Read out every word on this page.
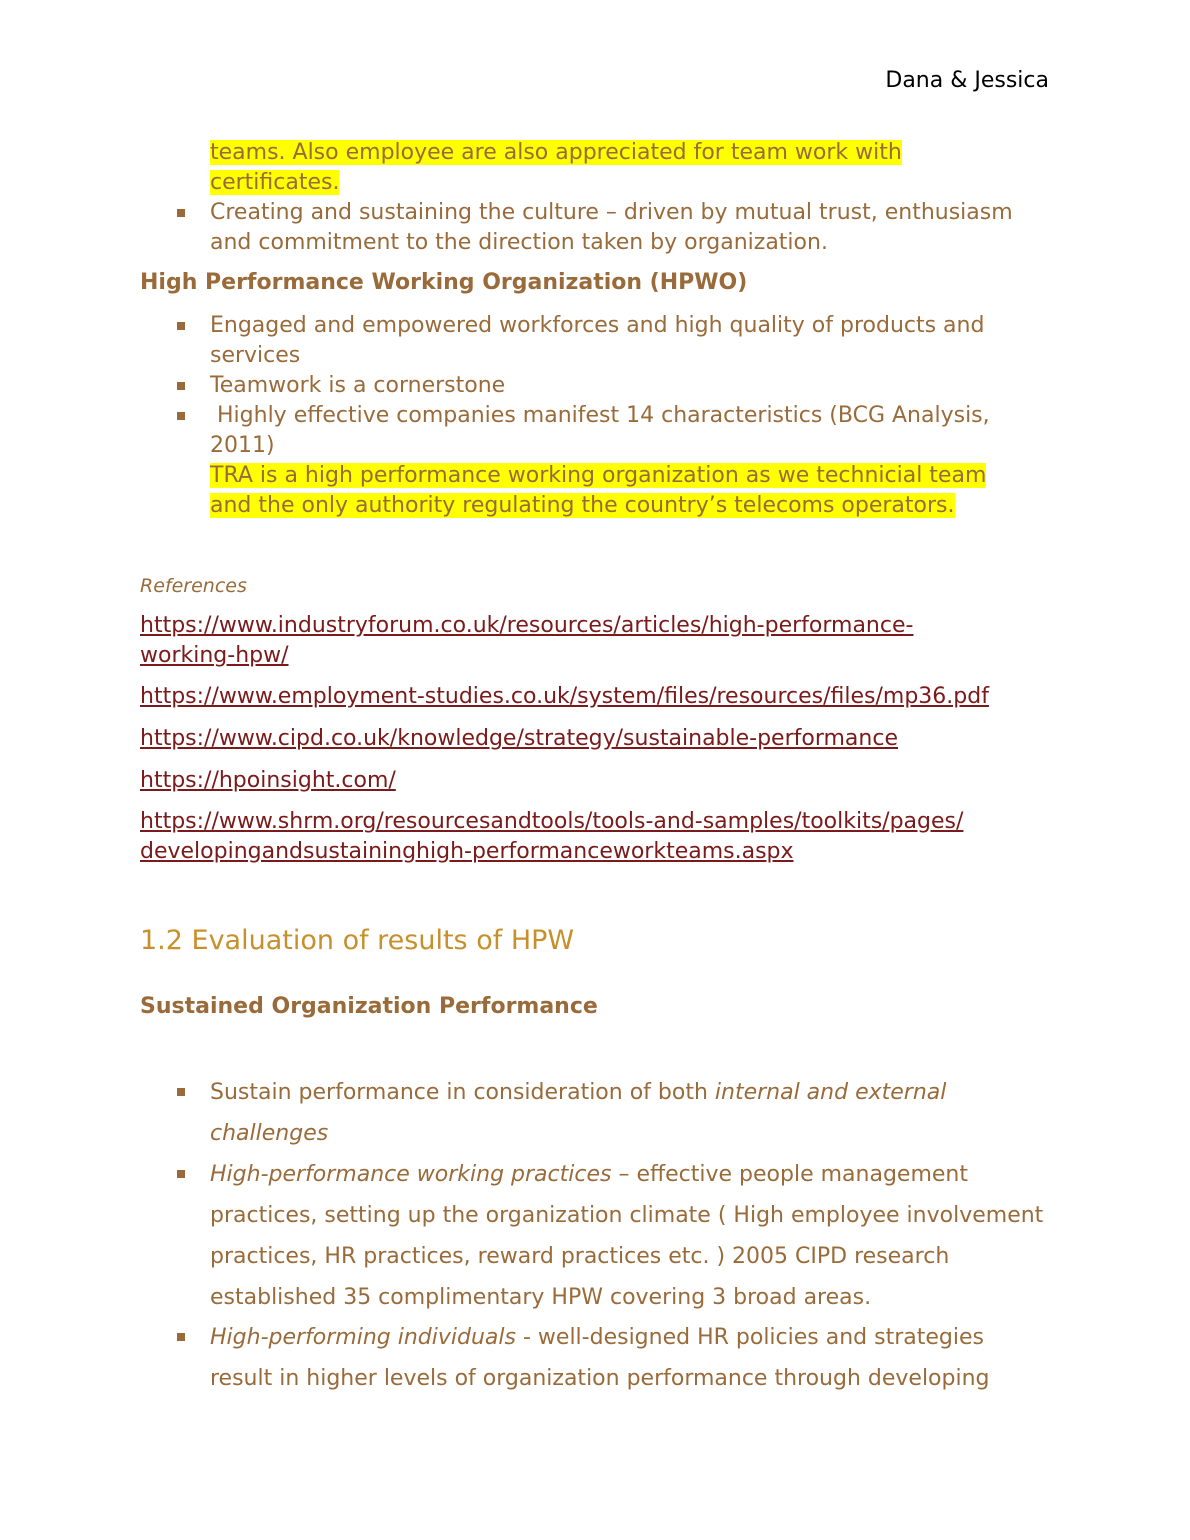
Dana & Jessica
teams. Also employee are also appreciated for team work with
certificates.
Creating and sustaining the culture – driven by mutual trust, enthusiasm and commitment to the direction taken by organization.
High Performance Working Organization (HPWO)
Engaged and empowered workforces and high quality of products and services
Teamwork is a cornerstone
Highly effective companies manifest 14 characteristics (BCG Analysis, 2011)
TRA is a high performance working organization as we technicial team
and the only authority regulating the country’s telecoms operators.
References
https://www.industryforum.co.uk/resources/articles/high-performance-
working-hpw/
https://www.employment-studies.co.uk/system/files/resources/files/mp36.pdf
https://www.cipd.co.uk/knowledge/strategy/sustainable-performance
https://hpoinsight.com/
https://www.shrm.org/resourcesandtools/tools-and-samples/toolkits/pages/
developingandsustaininghigh-performanceworkteams.aspx
1.2 Evaluation of results of HPW
Sustained Organization Performance
Sustain performance in consideration of both internal and external challenges
High-performance working practices – effective people management practices, setting up the organization climate ( High employee involvement practices, HR practices, reward practices etc. ) 2005 CIPD research established 35 complimentary HPW covering 3 broad areas.
High-performing individuals - well-designed HR policies and strategies result in higher levels of organization performance through developing
